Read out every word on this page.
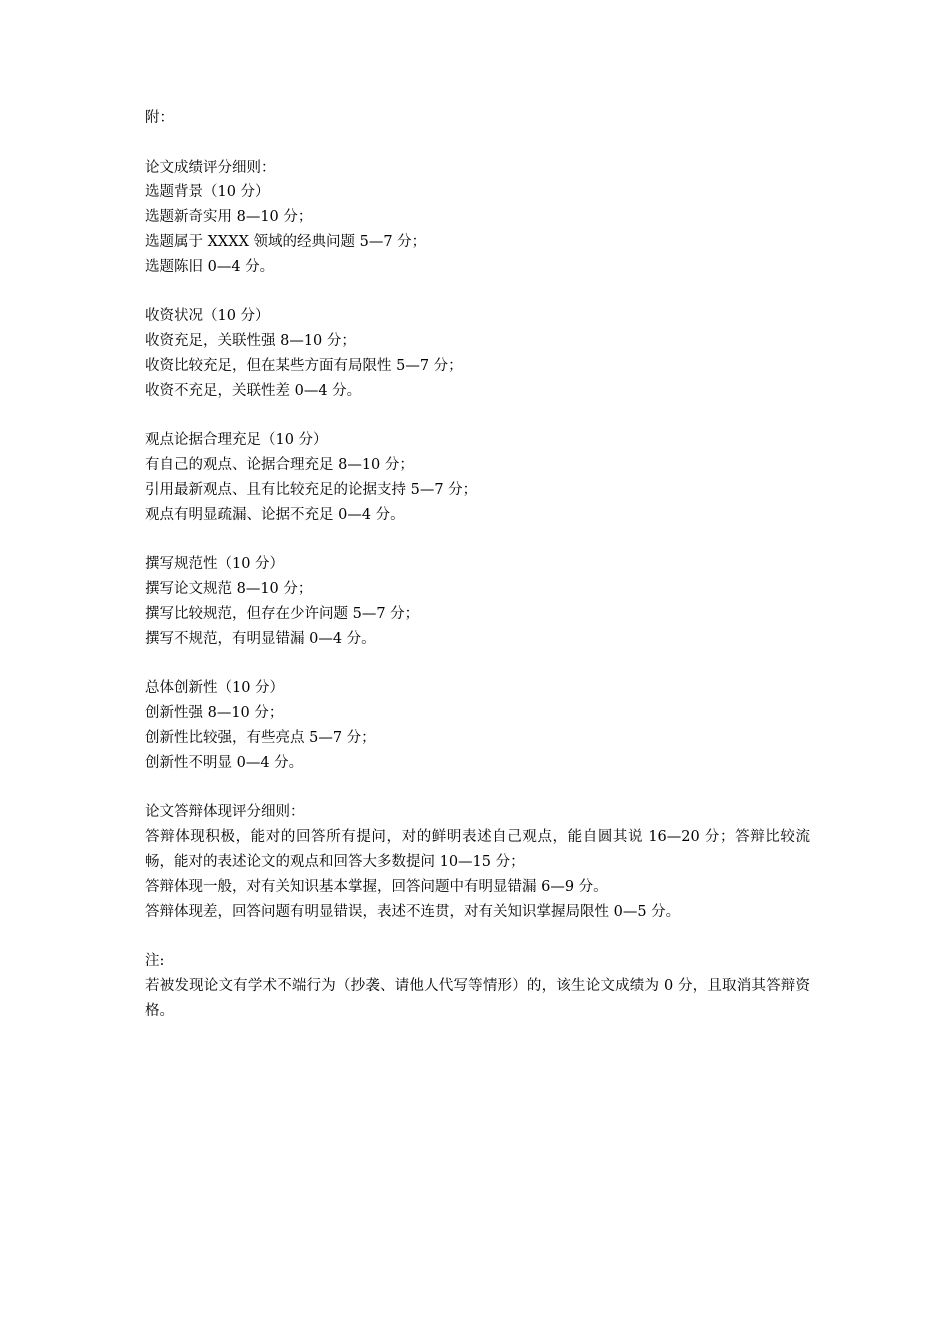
附：

论文成绩评分细则：

选题背景（10 分）

选题新奇实用 8—10 分；

选题属于 XXXX 领域的经典问题 5—7 分；

选题陈旧 0—4 分。

收资状况（10 分）

收资充足，关联性强 8—10 分；

收资比较充足，但在某些方面有局限性 5—7 分；

收资不充足，关联性差 0—4 分。

观点论据合理充足（10 分）

有自己的观点、论据合理充足 8—10 分；

引用最新观点、且有比较充足的论据支持 5—7 分；

观点有明显疏漏、论据不充足 0—4 分。

撰写规范性（10 分）

撰写论文规范 8—10 分；

撰写比较规范，但存在少许问题 5—7 分；

撰写不规范，有明显错漏 0—4 分。

总体创新性（10 分）

创新性强 8—10 分；

创新性比较强，有些亮点 5—7 分；

创新性不明显 0—4 分。

论文答辩体现评分细则：

答辩体现积极，能对的回答所有提问，对的鲜明表述自己观点，能自圆其说 16—20 分；答辩比较流畅，能对的表述论文的观点和回答大多数提问 10—15 分；

答辩体现一般，对有关知识基本掌握，回答问题中有明显错漏 6—9 分。

答辩体现差，回答问题有明显错误，表述不连贯，对有关知识掌握局限性 0—5 分。

注:

若被发现论文有学术不端行为（抄袭、请他人代写等情形）的，该生论文成绩为 0 分，且取消其答辩资格。
